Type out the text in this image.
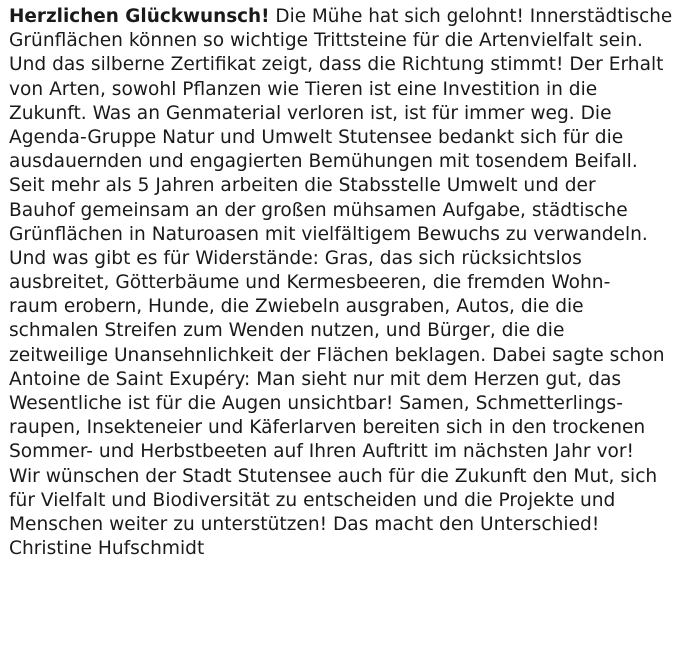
Herzlichen Glückwunsch! Die Mühe hat sich gelohnt! Innerstädtische
Grünflächen können so wichtige Trittsteine für die Artenvielfalt sein.
Und das silberne Zertifikat zeigt, dass die Richtung stimmt! Der Erhalt
von Arten, sowohl Pflanzen wie Tieren ist eine Investition in die
Zukunft. Was an Genmaterial verloren ist, ist für immer weg. Die
Agenda-Gruppe Natur und Umwelt Stutensee bedankt sich für die
ausdauernden und engagierten Bemühungen mit tosendem Beifall.
Seit mehr als 5 Jahren arbeiten die Stabsstelle Umwelt und der
Bauhof gemeinsam an der großen mühsamen Aufgabe, städtische
Grünflächen in Naturoasen mit vielfältigem Bewuchs zu verwandeln.
Und was gibt es für Widerstände: Gras, das sich rücksichtslos
ausbreitet, Götterbäume und Kermesbeeren, die fremden Wohn-
raum erobern, Hunde, die Zwiebeln ausgraben, Autos, die die
schmalen Streifen zum Wenden nutzen, und Bürger, die die
zeitweilige Unansehnlichkeit der Flächen beklagen. Dabei sagte schon
Antoine de Saint Exupéry: Man sieht nur mit dem Herzen gut, das
Wesentliche ist für die Augen unsichtbar! Samen, Schmetterlings-
raupen, Insekteneier und Käferlarven bereiten sich in den trockenen
Sommer- und Herbstbeeten auf Ihren Auftritt im nächsten Jahr vor!
Wir wünschen der Stadt Stutensee auch für die Zukunft den Mut, sich
für Vielfalt und Biodiversität zu entscheiden und die Projekte und
Menschen weiter zu unterstützen! Das macht den Unterschied!
Christine Hufschmidt
